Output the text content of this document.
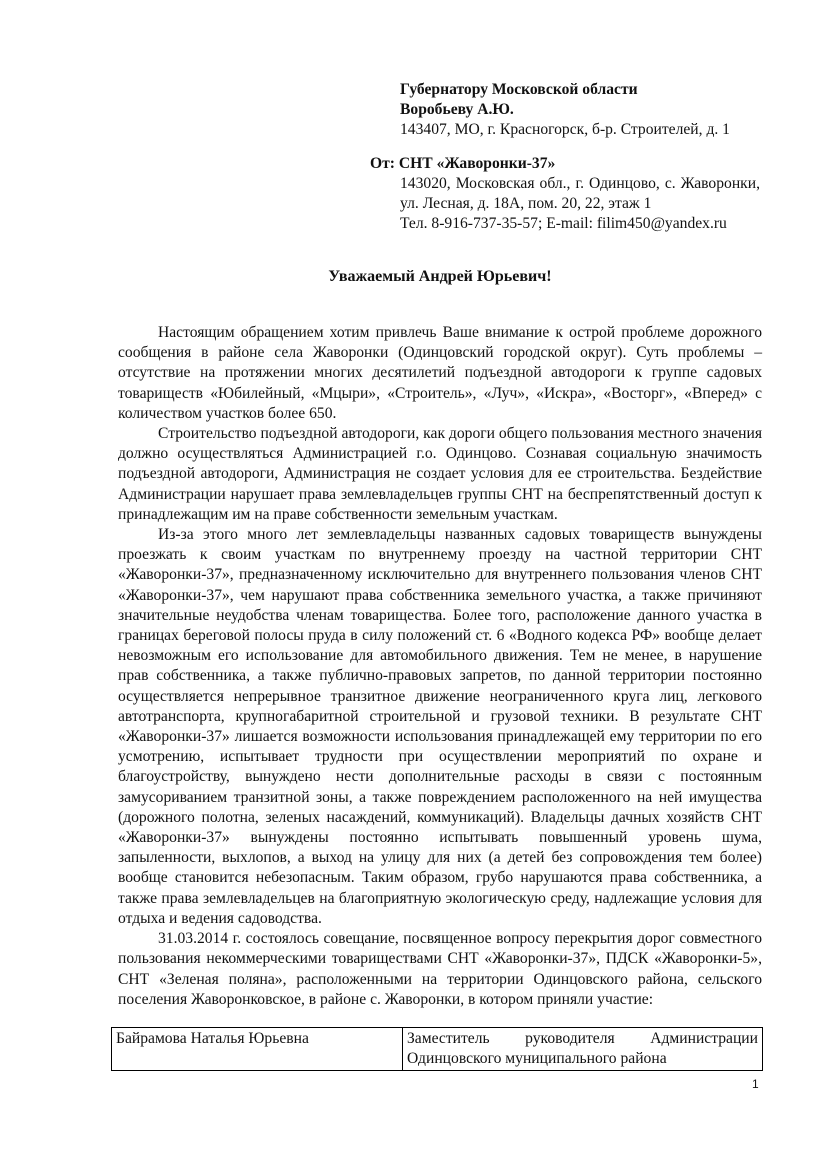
Губернатору Московской области
Воробьеву А.Ю.
143407, МО, г. Красногорск, б-р. Строителей, д. 1
От: СНТ «Жаворонки-37»
143020, Московская обл., г. Одинцово, с. Жаворонки, ул. Лесная, д. 18А, пом. 20, 22, этаж 1
Тел. 8-916-737-35-57; E-mail: filim450@yandex.ru
Уважаемый Андрей Юрьевич!

Настоящим обращением хотим привлечь Ваше внимание к острой проблеме дорожного сообщения в районе села Жаворонки (Одинцовский городской округ). Суть проблемы – отсутствие на протяжении многих десятилетий подъездной автодороги к группе садовых товариществ «Юбилейный, «Мцыри», «Строитель», «Луч», «Искра», «Восторг», «Вперед» с количеством участков более 650.

Строительство подъездной автодороги, как дороги общего пользования местного значения должно осуществляться Администрацией г.о. Одинцово. Сознавая социальную значимость подъездной автодороги, Администрация не создает условия для ее строительства. Бездействие Администрации нарушает права землевладельцев группы СНТ на беспрепятственный доступ к принадлежащим им на праве собственности земельным участкам.

Из-за этого много лет землевладельцы названных садовых товариществ вынуждены проезжать к своим участкам по внутреннему проезду на частной территории СНТ «Жаворонки-37», предназначенному исключительно для внутреннего пользования членов СНТ «Жаворонки-37», чем нарушают права собственника земельного участка, а также причиняют значительные неудобства членам товарищества. Более того, расположение данного участка в границах береговой полосы пруда в силу положений ст. 6 «Водного кодекса РФ» вообще делает невозможным его использование для автомобильного движения. Тем не менее, в нарушение прав собственника, а также публично-правовых запретов, по данной территории постоянно осуществляется непрерывное транзитное движение неограниченного круга лиц, легкового автотранспорта, крупногабаритной строительной и грузовой техники. В результате СНТ «Жаворонки-37» лишается возможности использования принадлежащей ему территории по его усмотрению, испытывает трудности при осуществлении мероприятий по охране и благоустройству, вынуждено нести дополнительные расходы в связи с постоянным замусориванием транзитной зоны, а также повреждением расположенного на ней имущества (дорожного полотна, зеленых насаждений, коммуникаций). Владельцы дачных хозяйств СНТ «Жаворонки-37» вынуждены постоянно испытывать повышенный уровень шума, запыленности, выхлопов, а выход на улицу для них (а детей без сопровождения тем более) вообще становится небезопасным. Таким образом, грубо нарушаются права собственника, а также права землевладельцев на благоприятную экологическую среду, надлежащие условия для отдыха и ведения садоводства.

31.03.2014 г. состоялось совещание, посвященное вопросу перекрытия дорог совместного пользования некоммерческими товариществами СНТ «Жаворонки-37», ПДСК «Жаворонки-5», СНТ «Зеленая поляна», расположенными на территории Одинцовского района, сельского поселения Жаворонковское, в районе с. Жаворонки, в котором приняли участие:

Байрамова Наталья Юрьевна	Заместитель руководителя Администрации Одинцовского муниципального района
1
